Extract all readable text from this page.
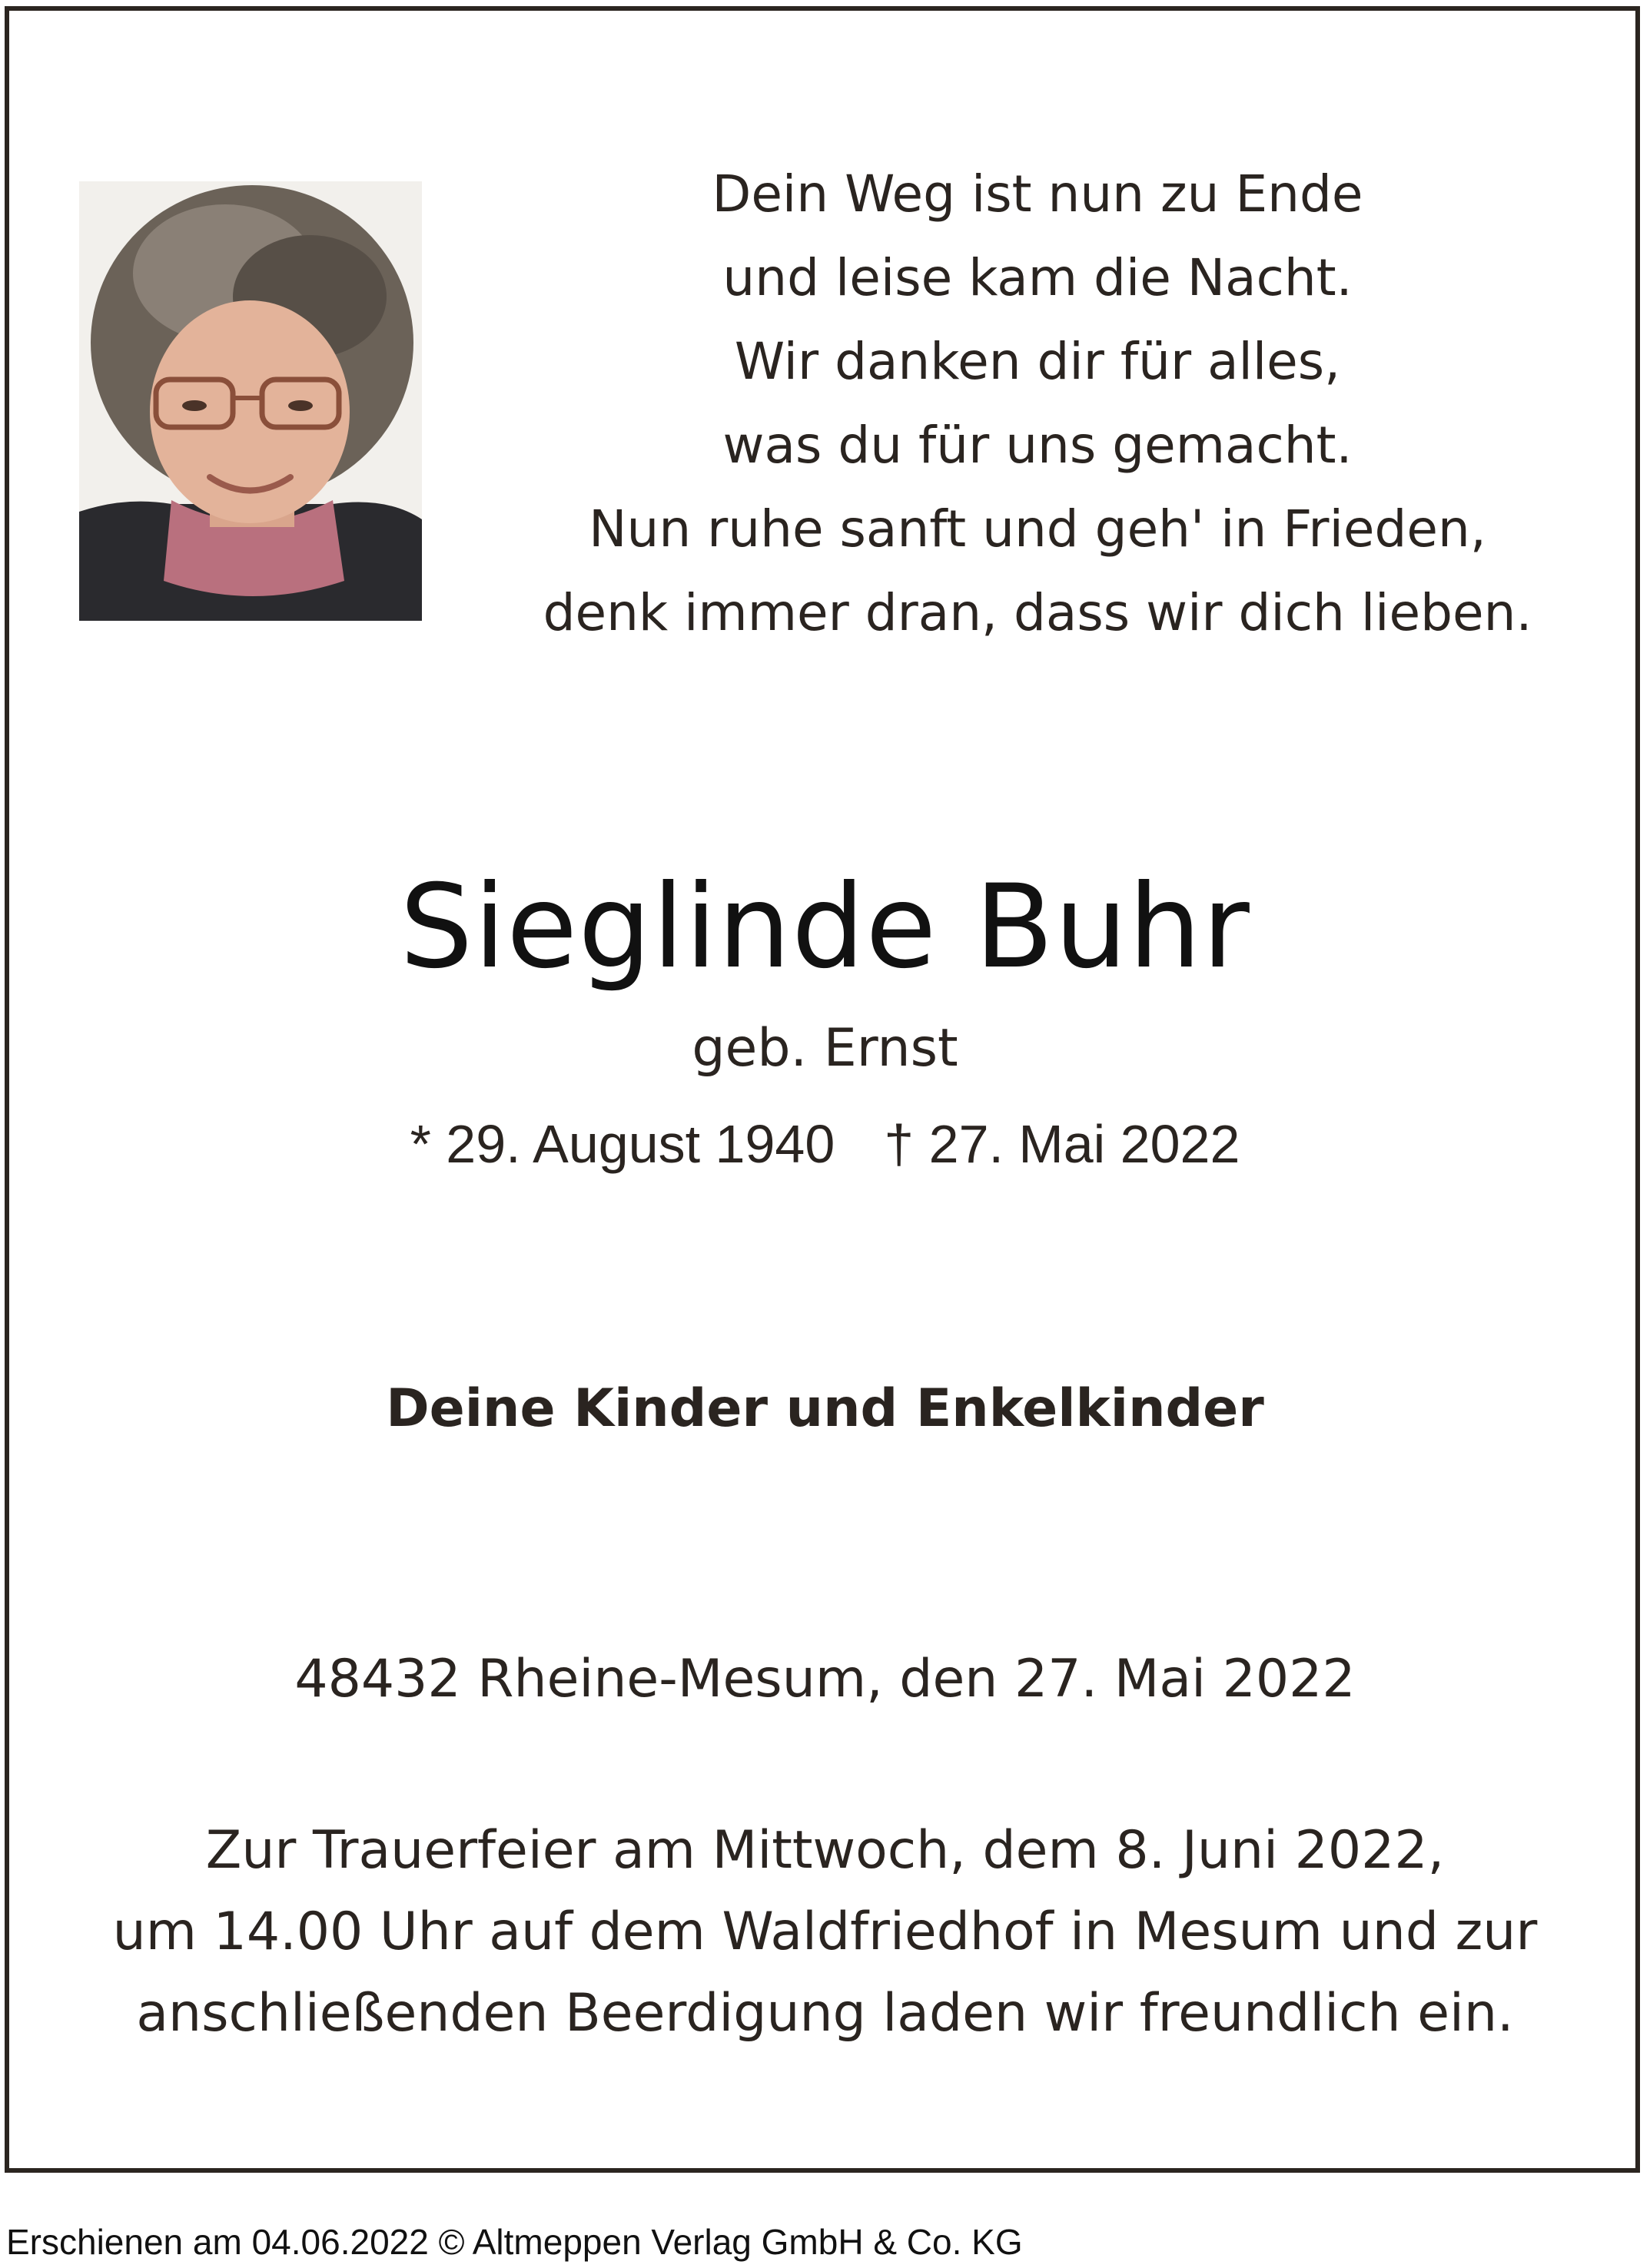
Dein Weg ist nun zu Ende
und leise kam die Nacht.
Wir danken dir für alles,
was du für uns gemacht.
Nun ruhe sanft und geh' in Frieden,
denk immer dran, dass wir dich lieben.
Sieglinde Buhr
geb. Ernst
* 29. August 1940 † 27. Mai 2022
Deine Kinder und Enkelkinder
48432 Rheine-Mesum, den 27. Mai 2022
Zur Trauerfeier am Mittwoch, dem 8. Juni 2022,
um 14.00 Uhr auf dem Waldfriedhof in Mesum und zur
anschließenden Beerdigung laden wir freundlich ein.
Erschienen am 04.06.2022 © Altmeppen Verlag GmbH & Co. KG
